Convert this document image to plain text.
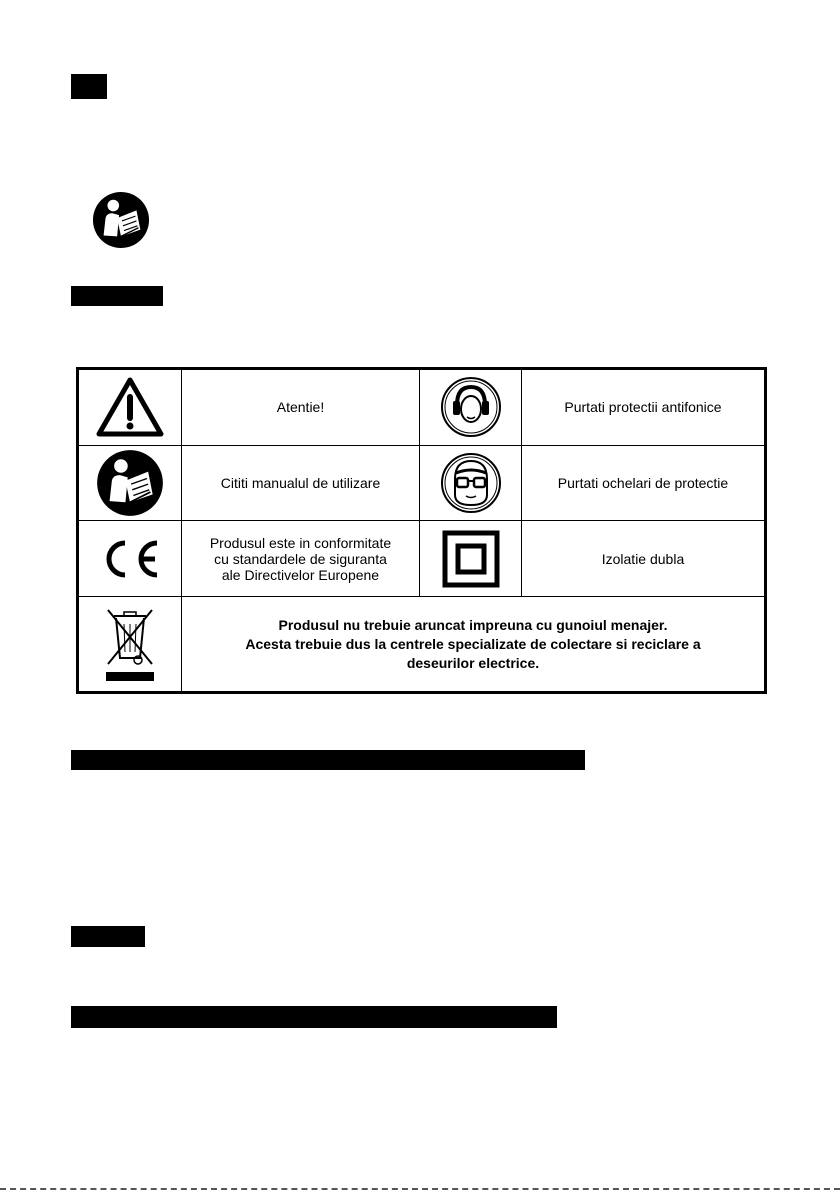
	Atentie!		Purtati protectii antifonice

	Cititi manualul de utilizare		Purtati ochelari de protectie

Produsul este in conformitate
cu standardele de siguranta
ale Directivelor Europene		Izolatie dubla

Produsul nu trebuie aruncat impreuna cu gunoiul menajer.
Acesta trebuie dus la centrele specializate de colectare si reciclare a
deseurilor electrice.		
